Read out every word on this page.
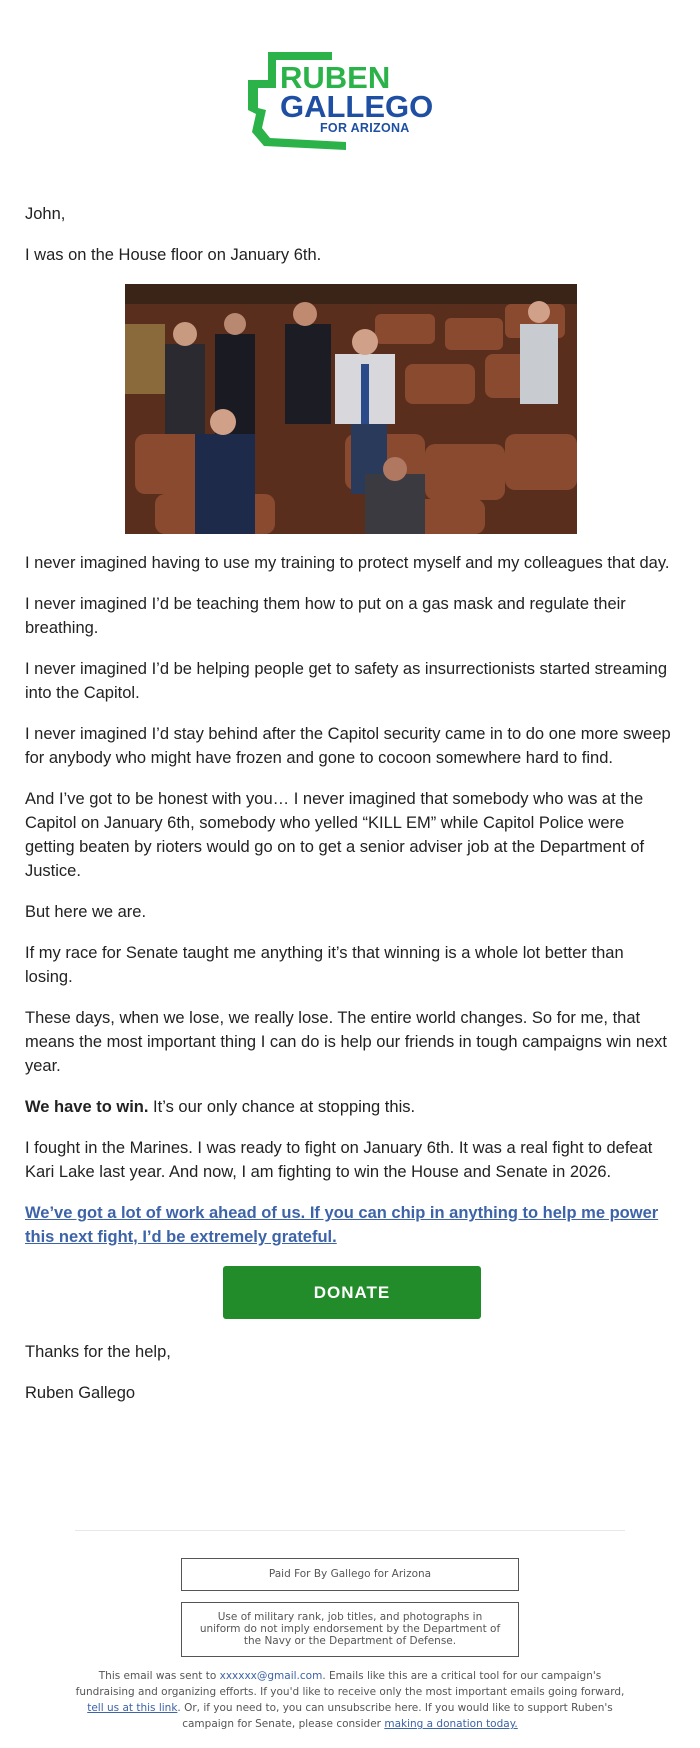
RUBEN
GALLEGO
FOR ARIZONA

John,

I was on the House floor on January 6th.

I never imagined having to use my training to protect myself and my colleagues that day.

I never imagined I’d be teaching them how to put on a gas mask and regulate their breathing.

I never imagined I’d be helping people get to safety as insurrectionists started streaming into the Capitol.

I never imagined I’d stay behind after the Capitol security came in to do one more sweep for anybody who might have frozen and gone to cocoon somewhere hard to find.

And I’ve got to be honest with you… I never imagined that somebody who was at the Capitol on January 6th, somebody who yelled “KILL EM” while Capitol Police were getting beaten by rioters would go on to get a senior adviser job at the Department of Justice.

But here we are.

If my race for Senate taught me anything it’s that winning is a whole lot better than losing.

These days, when we lose, we really lose. The entire world changes. So for me, that means the most important thing I can do is help our friends in tough campaigns win next year.

We have to win. It’s our only chance at stopping this.

I fought in the Marines. I was ready to fight on January 6th. It was a real fight to defeat Kari Lake last year. And now, I am fighting to win the House and Senate in 2026.

We’ve got a lot of work ahead of us. If you can chip in anything to help me power this next fight, I’d be extremely grateful.

DONATE

Thanks for the help,

Ruben Gallego

Paid For By Gallego for Arizona
Use of military rank, job titles, and photographs in uniform do not imply endorsement by the Department of the Navy or the Department of Defense.
This email was sent to xxxxxx@gmail.com. Emails like this are a critical tool for our campaign's fundraising and organizing efforts. If you'd like to receive only the most important emails going forward, tell us at this link. Or, if you need to, you can unsubscribe here. If you would like to support Ruben's campaign for Senate, please consider making a donation today.
